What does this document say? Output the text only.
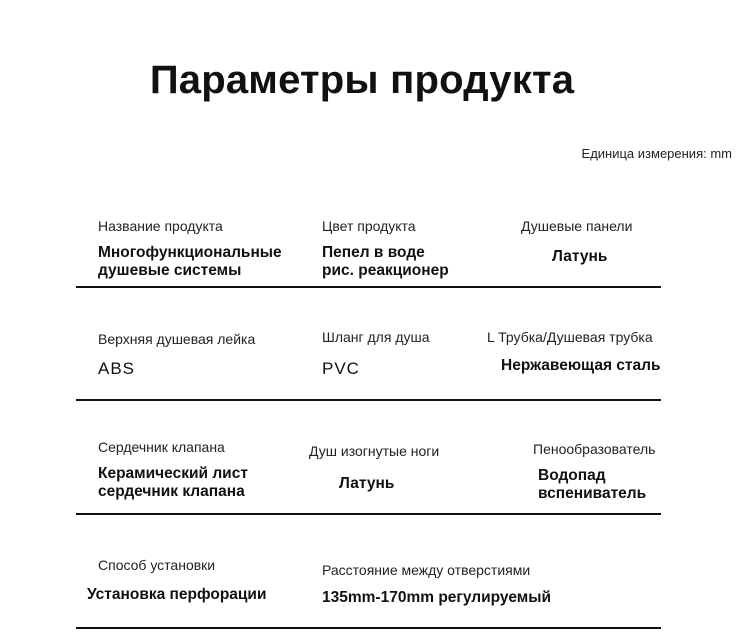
Параметры продукта
Единица измерения: mm
Название продукта
Многофункциональные
душевые системы
Цвет продукта
Пепел в воде
рис. реакционер
Душевые панели
Латунь
Верхняя душевая лейка
ABS
Шланг для душа
PVC
L Трубка/Душевая трубка
Нержавеющая сталь
Сердечник клапана
Керамический лист
сердечник клапана
Душ изогнутые ноги
Латунь
Пенообразователь
Водопад
вспениватель
Способ установки
Установка перфорации
Расстояние между отверстиями
135mm-170mm регулируемый
